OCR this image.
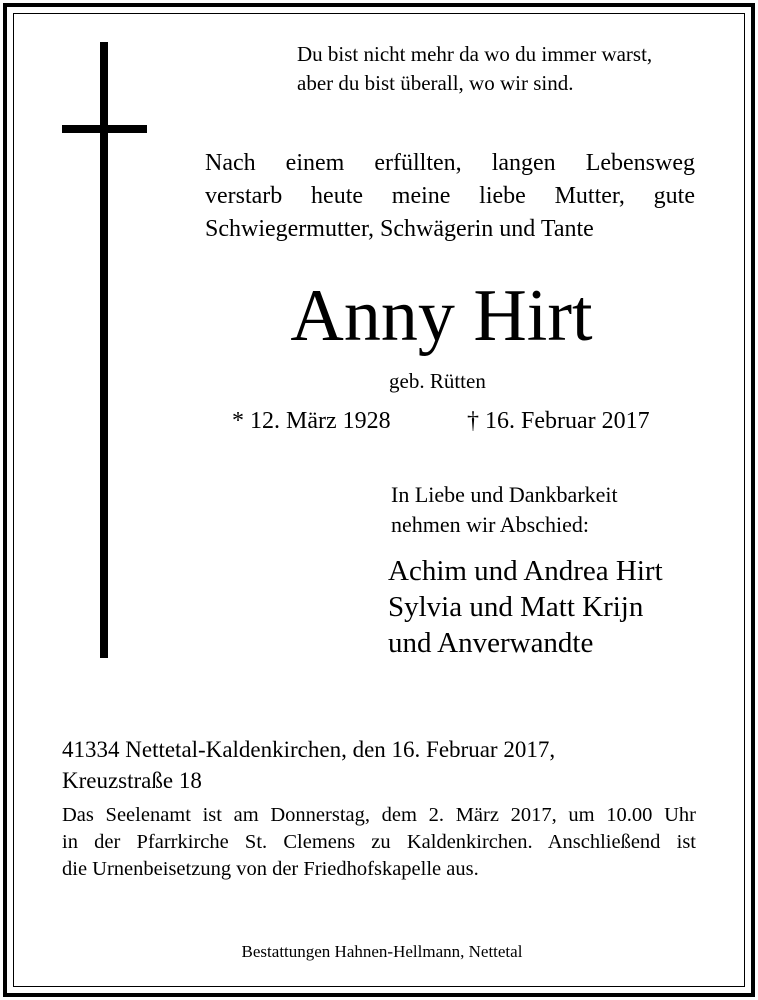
Du bist nicht mehr da wo du immer warst,
aber du bist überall, wo wir sind.
Nach einem erfüllten, langen Lebensweg
verstarb heute meine liebe Mutter, gute
Schwiegermutter, Schwägerin und Tante
Anny Hirt
geb. Rütten
* 12. März 1928	† 16. Februar 2017
In Liebe und Dankbarkeit
nehmen wir Abschied:
Achim und Andrea Hirt
Sylvia und Matt Krijn
und Anverwandte
41334 Nettetal-Kaldenkirchen, den 16. Februar 2017,
Kreuzstraße 18
Das Seelenamt ist am Donnerstag, dem 2. März 2017, um 10.00 Uhr
in der Pfarrkirche St. Clemens zu Kaldenkirchen. Anschließend ist
die Urnenbeisetzung von der Friedhofskapelle aus.
Bestattungen Hahnen-Hellmann, Nettetal
